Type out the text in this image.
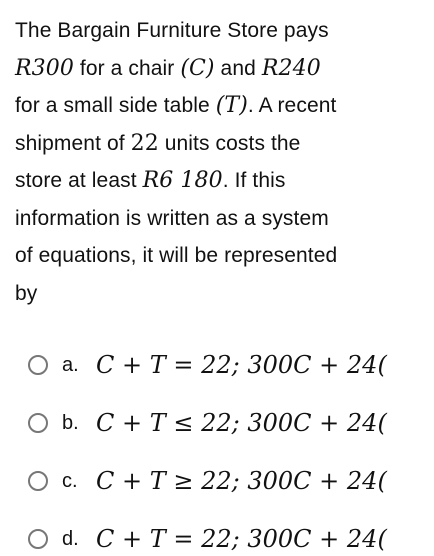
The Bargain Furniture Store pays
R300 for a chair (C) and R240
for a small side table (T). A recent
shipment of 22 units costs the
store at least R6 180. If this
information is written as a system
of equations, it will be represented
by
a. C + T = 22; 300C + 24(
b. C + T ≤ 22; 300C + 24(
c. C + T ≥ 22; 300C + 24(
d. C + T = 22; 300C + 24(
